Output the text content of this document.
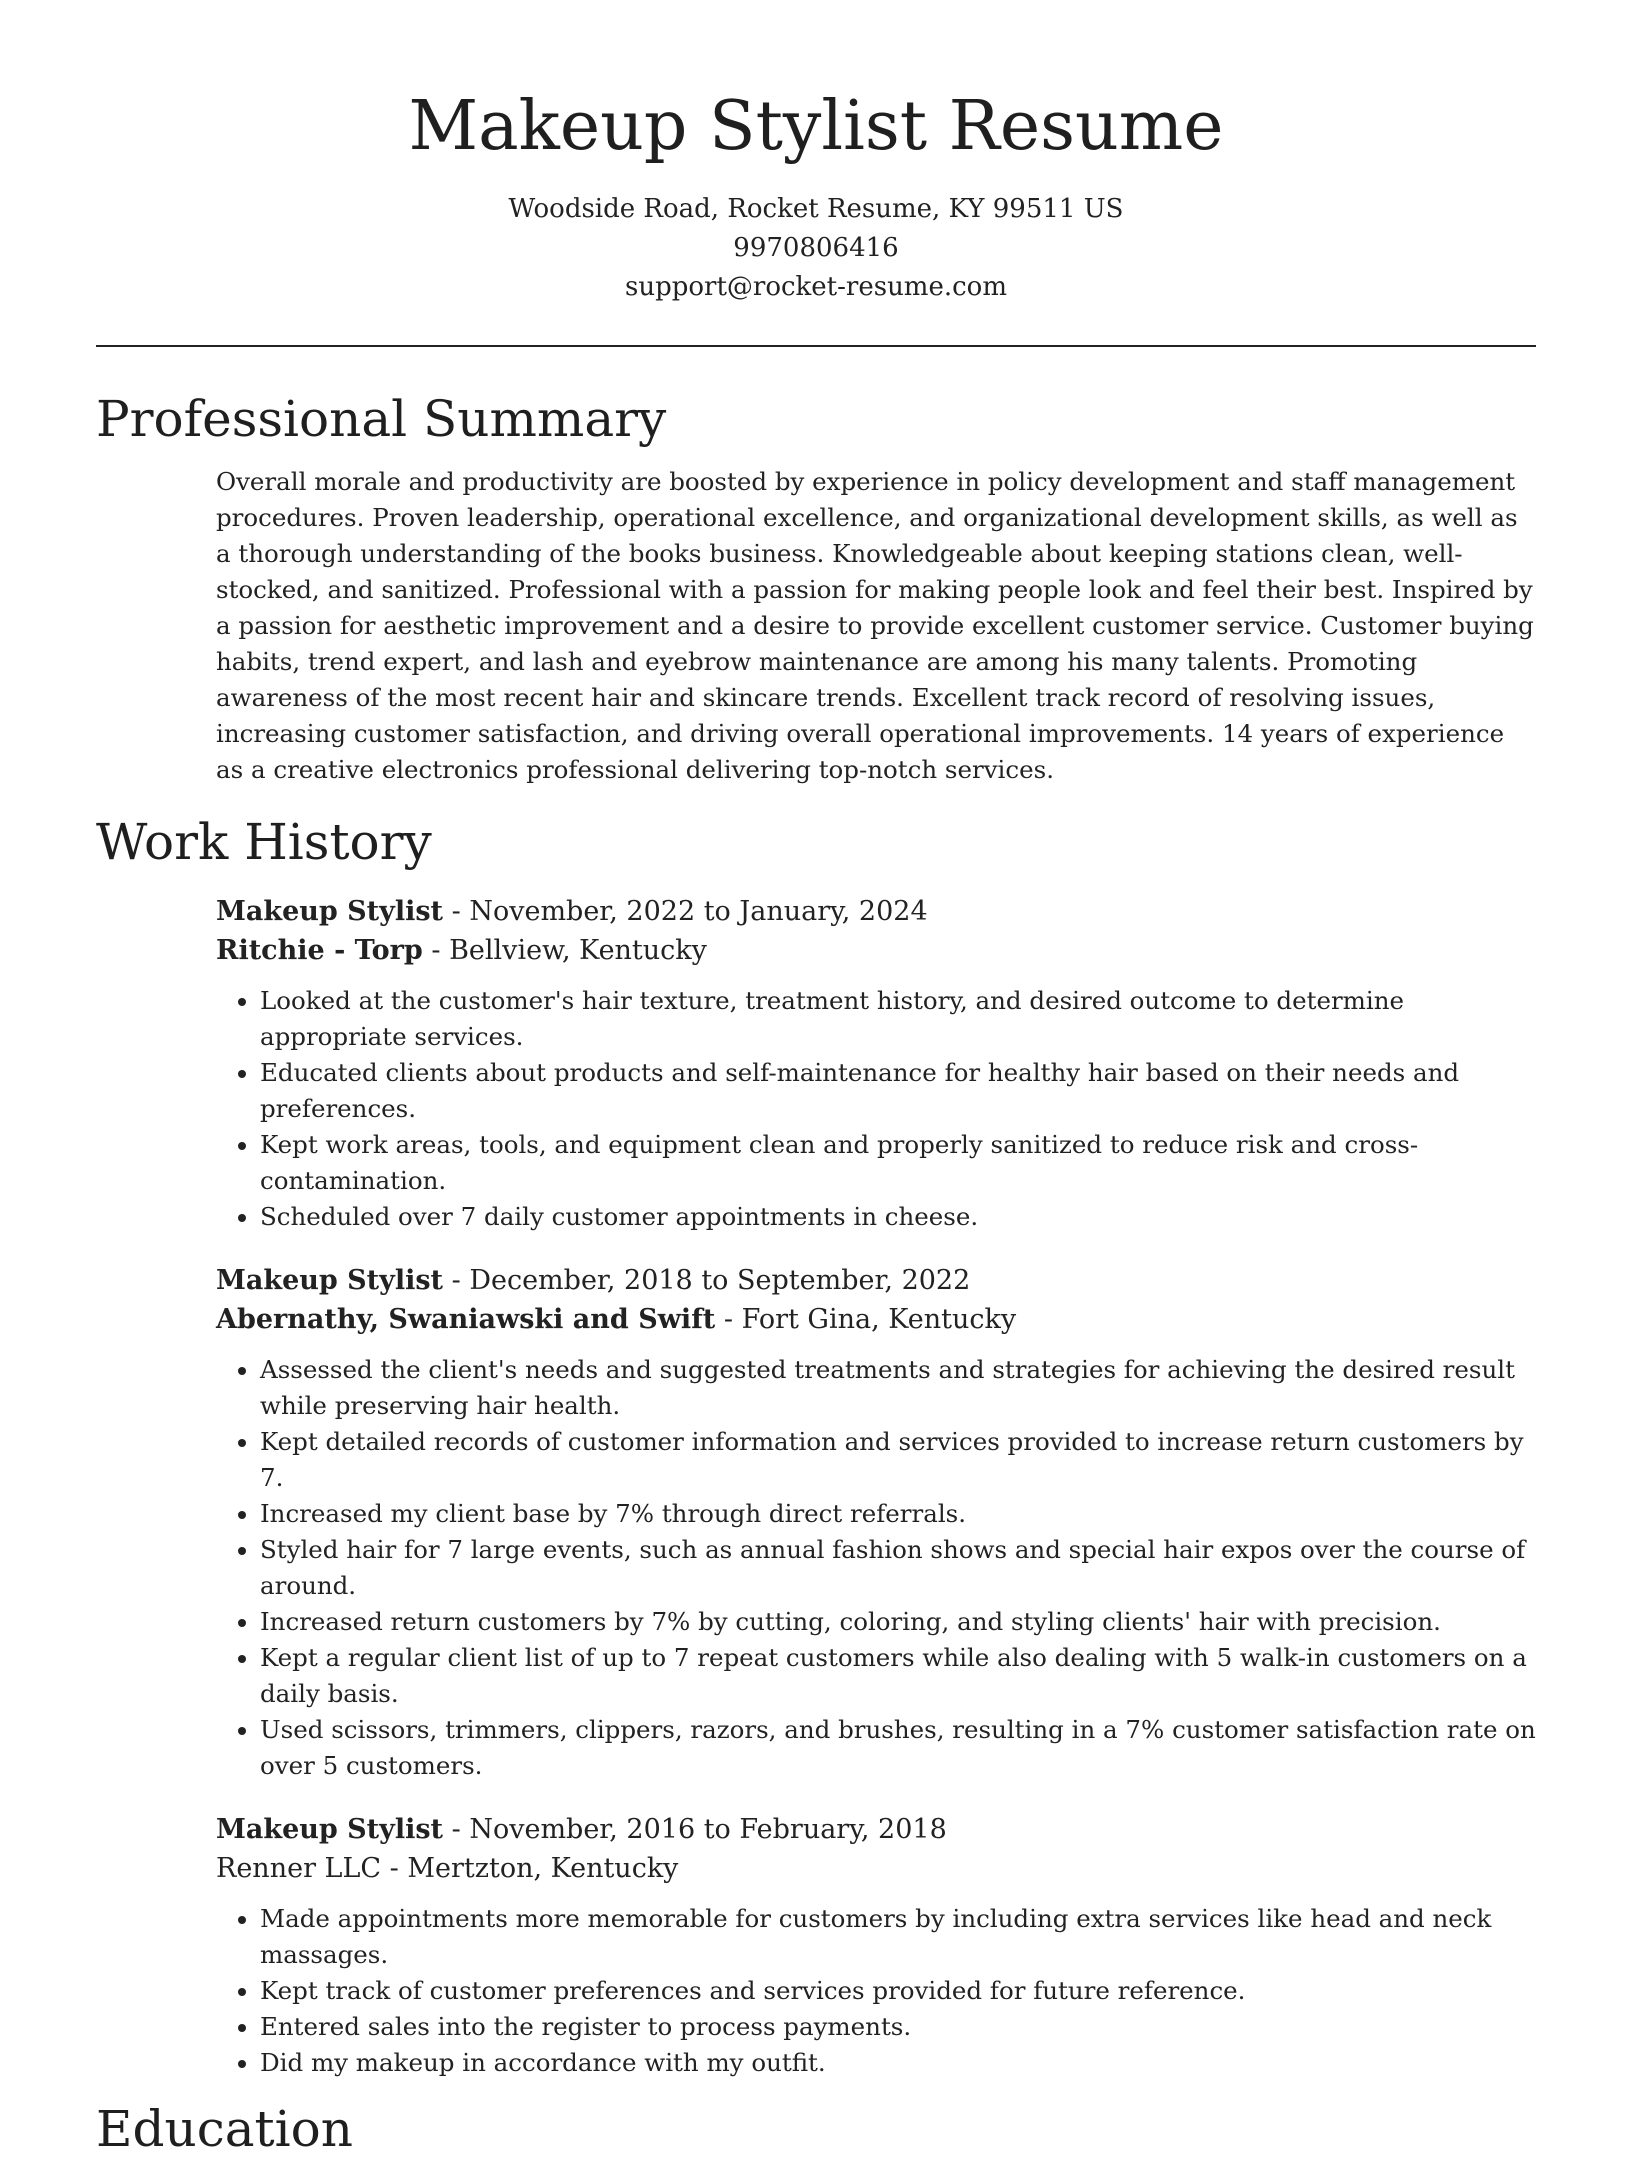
Makeup Stylist Resume
Woodside Road, Rocket Resume, KY 99511 US
9970806416
support@rocket-resume.com
Professional Summary

Overall morale and productivity are boosted by experience in policy development and staff management procedures. Proven leadership, operational excellence, and organizational development skills, as well as a thorough understanding of the books business. Knowledgeable about keeping stations clean, well-stocked, and sanitized. Professional with a passion for making people look and feel their best. Inspired by a passion for aesthetic improvement and a desire to provide excellent customer service. Customer buying habits, trend expert, and lash and eyebrow maintenance are among his many talents. Promoting awareness of the most recent hair and skincare trends. Excellent track record of resolving issues, increasing customer satisfaction, and driving overall operational improvements. 14 years of experience as a creative electronics professional delivering top-notch services.

Work History
Makeup Stylist - November, 2022 to January, 2024
Ritchie - Torp - Bellview, Kentucky
• Looked at the customer's hair texture, treatment history, and desired outcome to determine appropriate services.
• Educated clients about products and self-maintenance for healthy hair based on their needs and preferences.
• Kept work areas, tools, and equipment clean and properly sanitized to reduce risk and cross-contamination.
• Scheduled over 7 daily customer appointments in cheese.
Makeup Stylist - December, 2018 to September, 2022
Abernathy, Swaniawski and Swift - Fort Gina, Kentucky
• Assessed the client's needs and suggested treatments and strategies for achieving the desired result while preserving hair health.
• Kept detailed records of customer information and services provided to increase return customers by 7.
• Increased my client base by 7% through direct referrals.
• Styled hair for 7 large events, such as annual fashion shows and special hair expos over the course of around.
• Increased return customers by 7% by cutting, coloring, and styling clients' hair with precision.
• Kept a regular client list of up to 7 repeat customers while also dealing with 5 walk-in customers on a daily basis.
• Used scissors, trimmers, clippers, razors, and brushes, resulting in a 7% customer satisfaction rate on over 5 customers.
Makeup Stylist - November, 2016 to February, 2018
Renner LLC - Mertzton, Kentucky
• Made appointments more memorable for customers by including extra services like head and neck massages.
• Kept track of customer preferences and services provided for future reference.
• Entered sales into the register to process payments.
• Did my makeup in accordance with my outfit.
Education
